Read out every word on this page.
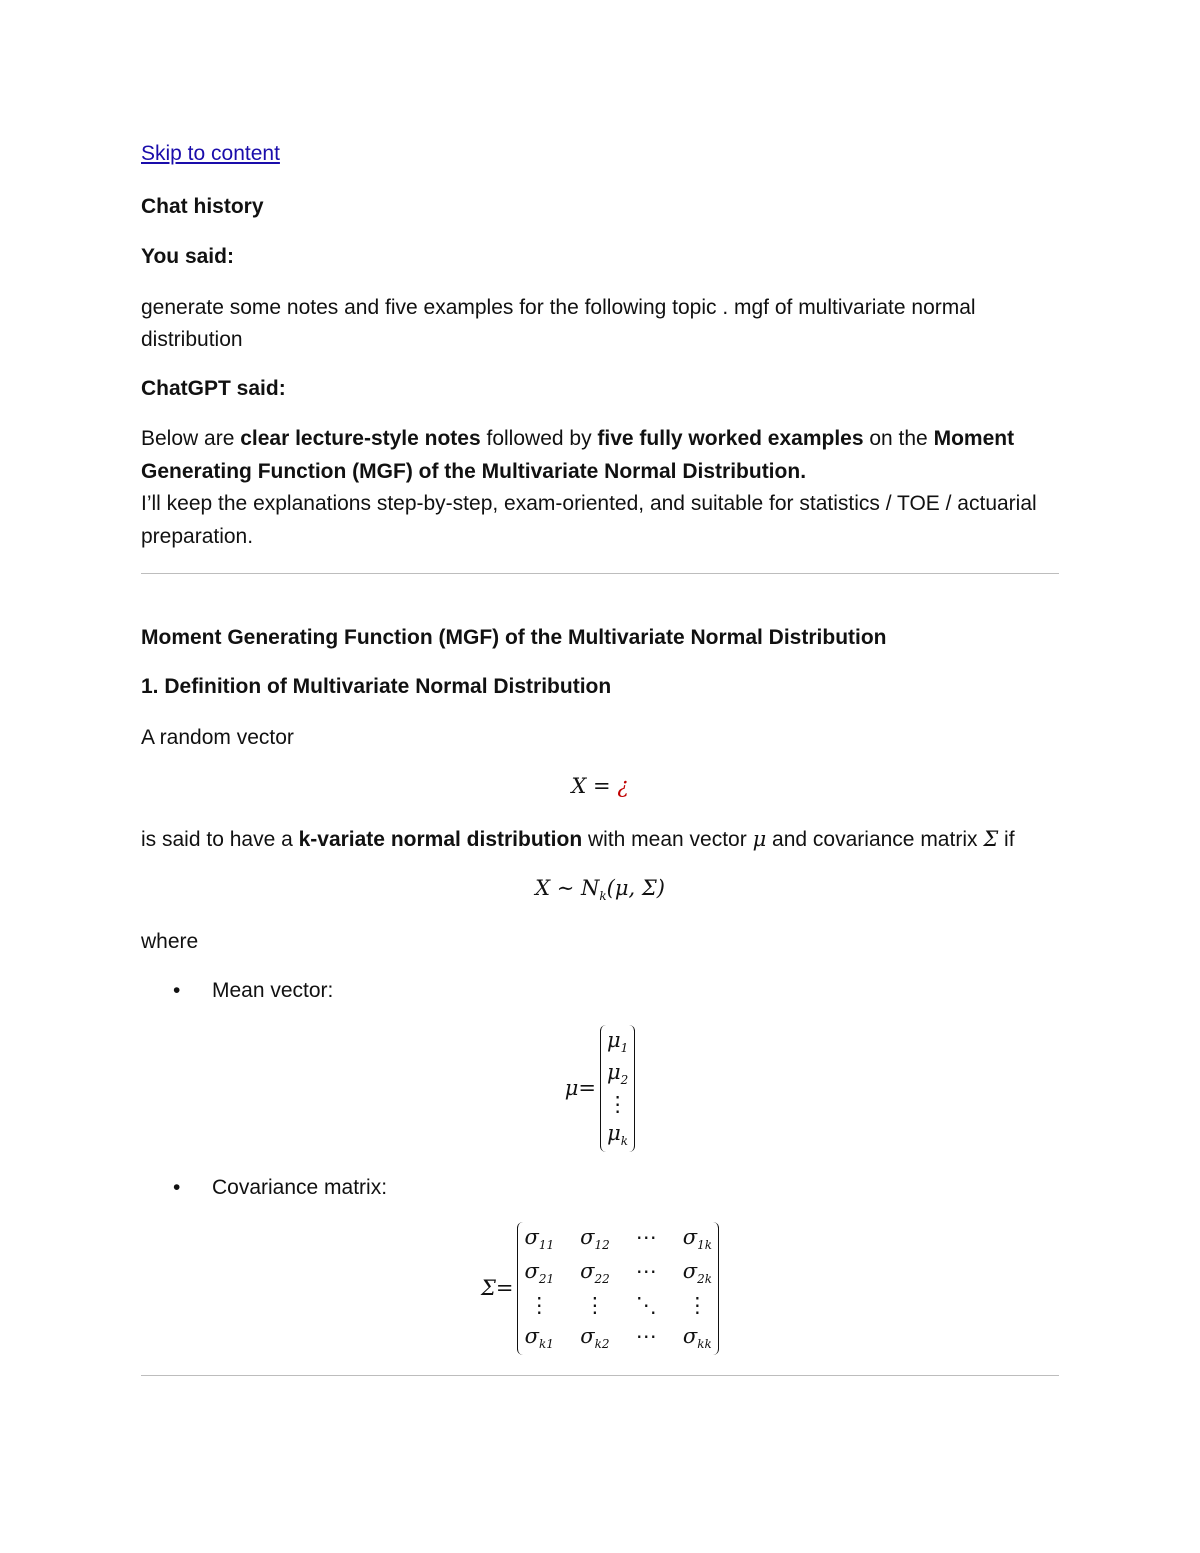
Skip to content
Chat history
You said:

generate some notes and five examples for the following topic . mgf of multivariate normal distribution

ChatGPT said:

Below are clear lecture-style notes followed by five fully worked examples on the Moment Generating Function (MGF) of the Multivariate Normal Distribution.
I’ll keep the explanations step-by-step, exam-oriented, and suitable for statistics / TOE / actuarial preparation.

Moment Generating Function (MGF) of the Multivariate Normal Distribution
1. Definition of Multivariate Normal Distribution

A random vector

X = ¿

is said to have a k-variate normal distribution with mean vector μ and covariance matrix Σ if

X ∼ $N_k(\mu$, Σ)

where

• Mean vector:
μ=
$\mu_1$
$\mu_2$
⋮
$\mu_k$
• Covariance matrix:
Σ=
$\sigma_{11}$ $\sigma_{12}$ ⋯ $\sigma_{1k}$
$\sigma_{21}$ $\sigma_{22}$ ⋯ $\sigma_{2k}$
⋮ ⋮ ⋱ ⋮
$\sigma_{k1}$ $\sigma_{k2}$ ⋯ $\sigma_{kk}$
